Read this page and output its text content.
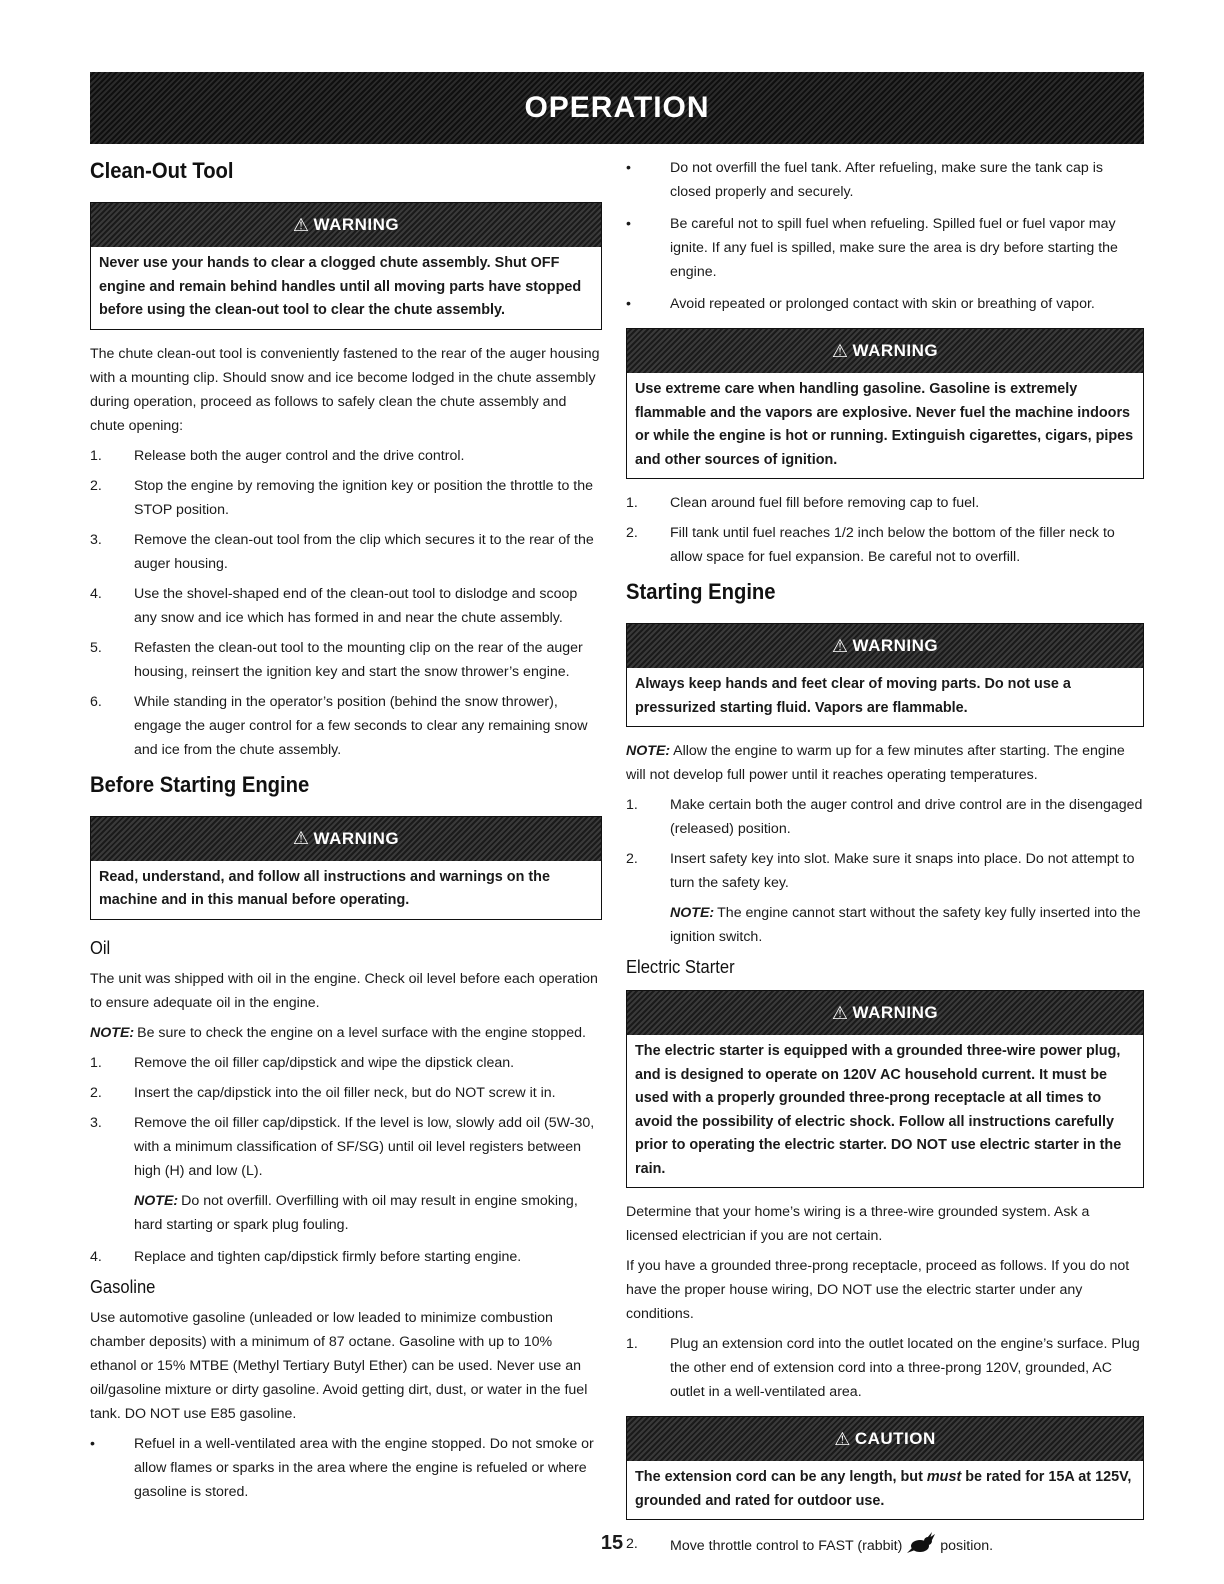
OPERATION
Clean-Out Tool
⚠ WARNING
Never use your hands to clear a clogged chute assembly. Shut OFF engine and remain behind handles until all moving parts have stopped before using the clean-out tool to clear the chute assembly.

The chute clean-out tool is conveniently fastened to the rear of the auger housing with a mounting clip. Should snow and ice become lodged in the chute assembly during operation, proceed as follows to safely clean the chute assembly and chute opening:

1.	Release both the auger control and the drive control.
2.	Stop the engine by removing the ignition key or position the throttle to the STOP position.
3.	Remove the clean-out tool from the clip which secures it to the rear of the auger housing.
4.	Use the shovel-shaped end of the clean-out tool to dislodge and scoop any snow and ice which has formed in and near the chute assembly.
5.	Refasten the clean-out tool to the mounting clip on the rear of the auger housing, reinsert the ignition key and start the snow thrower’s engine.
6.	While standing in the operator’s position (behind the snow thrower), engage the auger control for a few seconds to clear any remaining snow and ice from the chute assembly.
Before Starting Engine
⚠ WARNING
Read, understand, and follow all instructions and warnings on the machine and in this manual before operating.
Oil

The unit was shipped with oil in the engine. Check oil level before each operation to ensure adequate oil in the engine.

NOTE: Be sure to check the engine on a level surface with the engine stopped.

1.	Remove the oil filler cap/dipstick and wipe the dipstick clean.
2.	Insert the cap/dipstick into the oil filler neck, but do NOT screw it in.
3.	Remove the oil filler cap/dipstick. If the level is low, slowly add oil (5W-30, with a minimum classification of SF/SG) until oil level registers between high (H) and low (L).

NOTE: Do not overfill. Overfilling with oil may result in engine smoking, hard starting or spark plug fouling.

4.	Replace and tighten cap/dipstick firmly before starting engine.
Gasoline

Use automotive gasoline (unleaded or low leaded to minimize combustion chamber deposits) with a minimum of 87 octane. Gasoline with up to 10% ethanol or 15% MTBE (Methyl Tertiary Butyl Ether) can be used. Never use an oil/gasoline mixture or dirty gasoline. Avoid getting dirt, dust, or water in the fuel tank. DO NOT use E85 gasoline.

•	Refuel in a well-ventilated area with the engine stopped. Do not smoke or allow flames or sparks in the area where the engine is refueled or where gasoline is stored.
•	Do not overfill the fuel tank. After refueling, make sure the tank cap is closed properly and securely.
•	Be careful not to spill fuel when refueling. Spilled fuel or fuel vapor may ignite. If any fuel is spilled, make sure the area is dry before starting the engine.
•	Avoid repeated or prolonged contact with skin or breathing of vapor.
⚠ WARNING
Use extreme care when handling gasoline. Gasoline is extremely flammable and the vapors are explosive. Never fuel the machine indoors or while the engine is hot or running. Extinguish cigarettes, cigars, pipes and other sources of ignition.
1.	Clean around fuel fill before removing cap to fuel.
2.	Fill tank until fuel reaches 1/2 inch below the bottom of the filler neck to allow space for fuel expansion. Be careful not to overfill.
Starting Engine
⚠ WARNING
Always keep hands and feet clear of moving parts. Do not use a pressurized starting fluid. Vapors are flammable.

NOTE: Allow the engine to warm up for a few minutes after starting. The engine will not develop full power until it reaches operating temperatures.

1.	Make certain both the auger control and drive control are in the disengaged (released) position.
2.	Insert safety key into slot. Make sure it snaps into place. Do not attempt to turn the safety key.

NOTE: The engine cannot start without the safety key fully inserted into the ignition switch.

Electric Starter
⚠ WARNING
The electric starter is equipped with a grounded three-wire power plug, and is designed to operate on 120V AC household current. It must be used with a properly grounded three-prong receptacle at all times to avoid the possibility of electric shock. Follow all instructions carefully prior to operating the electric starter. DO NOT use electric starter in the rain.

Determine that your home’s wiring is a three-wire grounded system. Ask a licensed electrician if you are not certain.

If you have a grounded three-prong receptacle, proceed as follows. If you do not have the proper house wiring, DO NOT use the electric starter under any conditions.

1.	Plug an extension cord into the outlet located on the engine’s surface. Plug the other end of extension cord into a three-prong 120V, grounded, AC outlet in a well-ventilated area.
⚠ CAUTION
The extension cord can be any length, but must be rated for 15A at 125V, grounded and rated for outdoor use.
2.	Move throttle control to FAST (rabbit)	position.
15
